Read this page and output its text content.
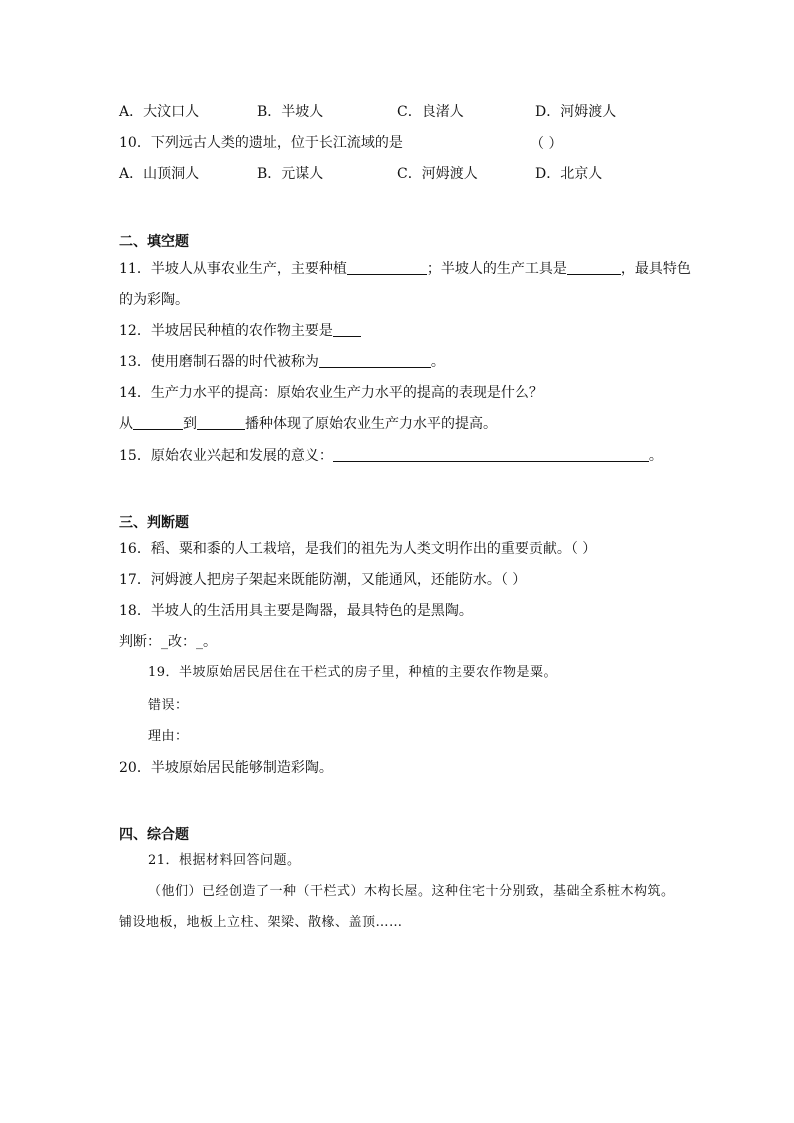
A．大汶口人	B．半坡人	C．良渚人	D．河姆渡人
10．下列远古人类的遗址，位于长江流域的是	（ ）
A．山顶洞人	B．元谋人	C．河姆渡人	D．北京人
二、填空题
11．半坡人从事农业生产，主要种植	；半坡人的生产工具是	，最具特色
的为彩陶。
12．半坡居民种植的农作物主要是
13．使用磨制石器的时代被称为	。
14．生产力水平的提高：原始农业生产力水平的提高的表现是什么？
从	到	播种体现了原始农业生产力水平的提高。
15．原始农业兴起和发展的意义：	。
三、判断题
16．稻、粟和黍的人工栽培，是我们的祖先为人类文明作出的重要贡献。（ ）
17．河姆渡人把房子架起来既能防潮，又能通风，还能防水。（ ）
18．半坡人的生活用具主要是陶器，最具特色的是黑陶。
判断：_改：_。
19．半坡原始居民居住在干栏式的房子里，种植的主要农作物是粟。
错误：
理由：
20．半坡原始居民能够制造彩陶。
四、综合题
21．根据材料回答问题。
（他们）已经创造了一种（干栏式）木构长屋。这种住宅十分别致，基础全系桩木构筑。
铺设地板，地板上立柱、架梁、散椽、盖顶……
